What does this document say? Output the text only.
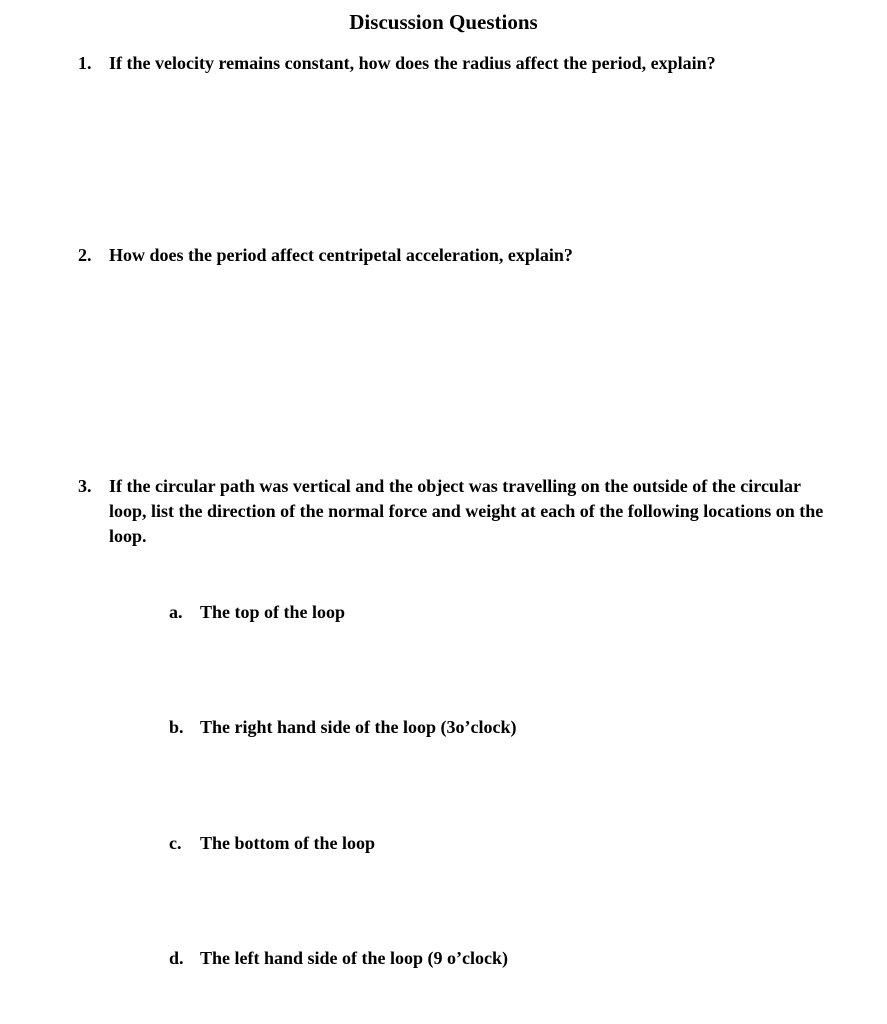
Discussion Questions
1. If the velocity remains constant, how does the radius affect the period, explain?
2. How does the period affect centripetal acceleration, explain?
3. If the circular path was vertical and the object was travelling on the outside of the circular loop, list the direction of the normal force and weight at each of the following locations on the loop.
a. The top of the loop
b. The right hand side of the loop (3o’clock)
c.	The bottom of the loop
d. The left hand side of the loop (9 o’clock)
